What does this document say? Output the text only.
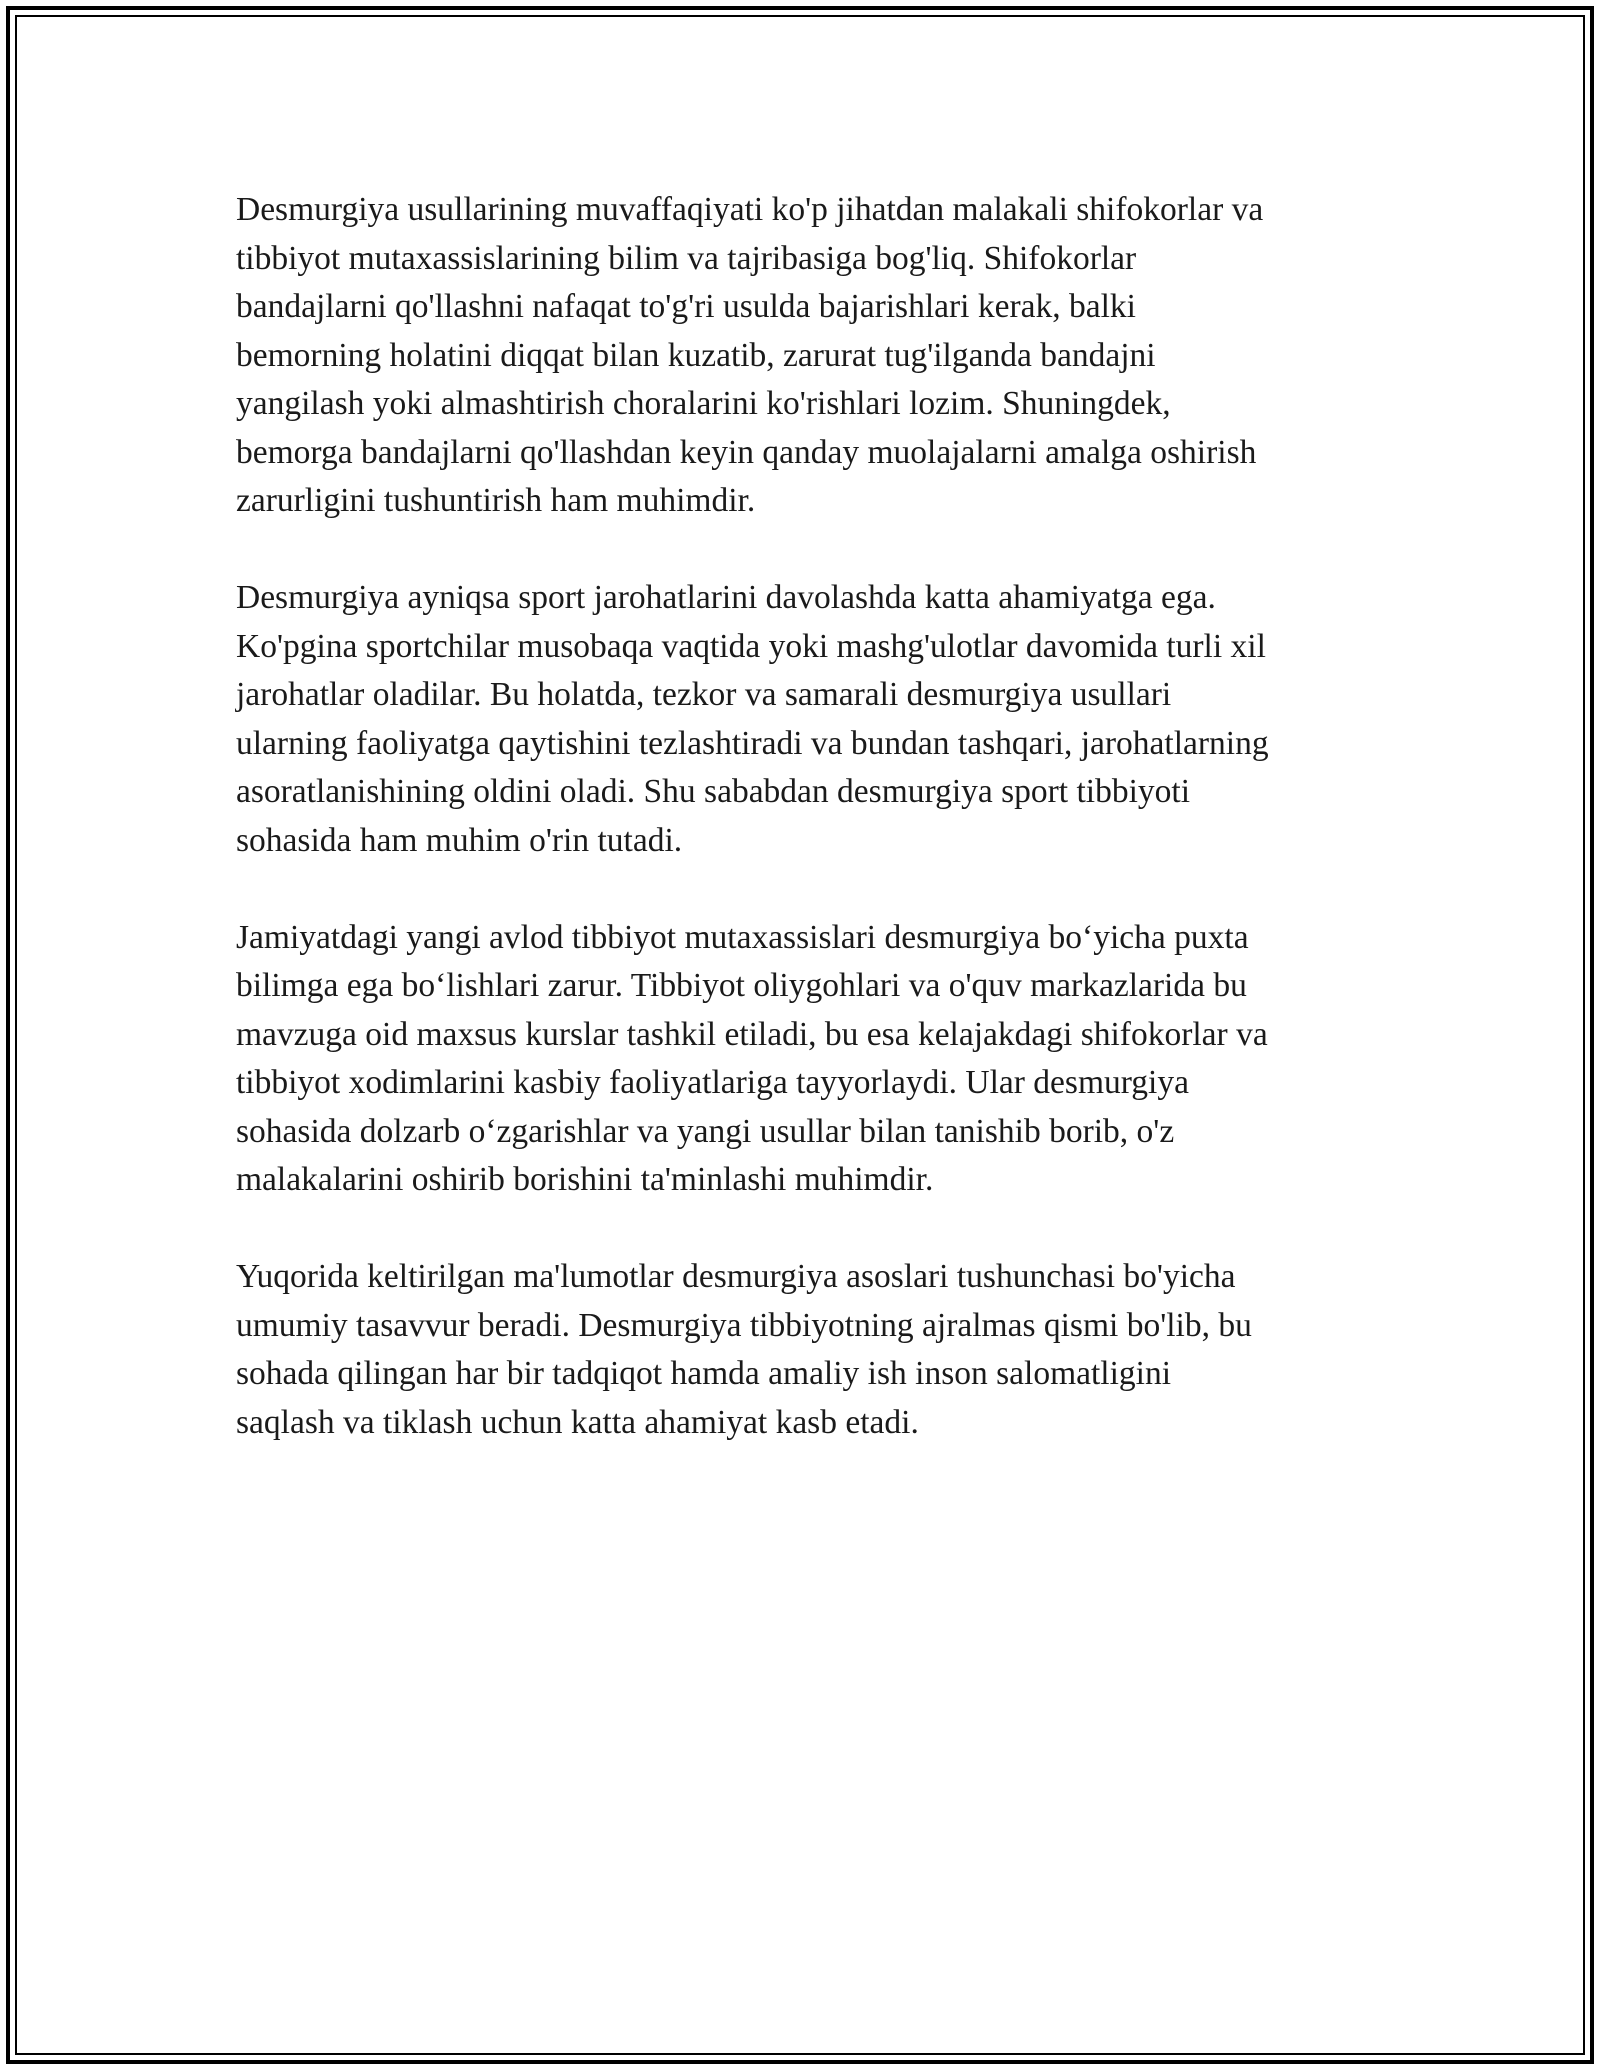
Desmurgiya usullarining muvaffaqiyati ko'p jihatdan malakali shifokorlar va
tibbiyot mutaxassislarining bilim va tajribasiga bog'liq. Shifokorlar
bandajlarni qo'llashni nafaqat to'g'ri usulda bajarishlari kerak, balki
bemorning holatini diqqat bilan kuzatib, zarurat tug'ilganda bandajni
yangilash yoki almashtirish choralarini ko'rishlari lozim. Shuningdek,
bemorga bandajlarni qo'llashdan keyin qanday muolajalarni amalga oshirish
zarurligini tushuntirish ham muhimdir.

Desmurgiya ayniqsa sport jarohatlarini davolashda katta ahamiyatga ega.
Ko'pgina sportchilar musobaqa vaqtida yoki mashg'ulotlar davomida turli xil
jarohatlar oladilar. Bu holatda, tezkor va samarali desmurgiya usullari
ularning faoliyatga qaytishini tezlashtiradi va bundan tashqari, jarohatlarning
asoratlanishining oldini oladi. Shu sababdan desmurgiya sport tibbiyoti
sohasida ham muhim o'rin tutadi.

Jamiyatdagi yangi avlod tibbiyot mutaxassislari desmurgiya boʻyicha puxta
bilimga ega boʻlishlari zarur. Tibbiyot oliygohlari va o'quv markazlarida bu
mavzuga oid maxsus kurslar tashkil etiladi, bu esa kelajakdagi shifokorlar va
tibbiyot xodimlarini kasbiy faoliyatlariga tayyorlaydi. Ular desmurgiya
sohasida dolzarb oʻzgarishlar va yangi usullar bilan tanishib borib, o'z
malakalarini oshirib borishini ta'minlashi muhimdir.

Yuqorida keltirilgan ma'lumotlar desmurgiya asoslari tushunchasi bo'yicha
umumiy tasavvur beradi. Desmurgiya tibbiyotning ajralmas qismi bo'lib, bu
sohada qilingan har bir tadqiqot hamda amaliy ish inson salomatligini
saqlash va tiklash uchun katta ahamiyat kasb etadi.
